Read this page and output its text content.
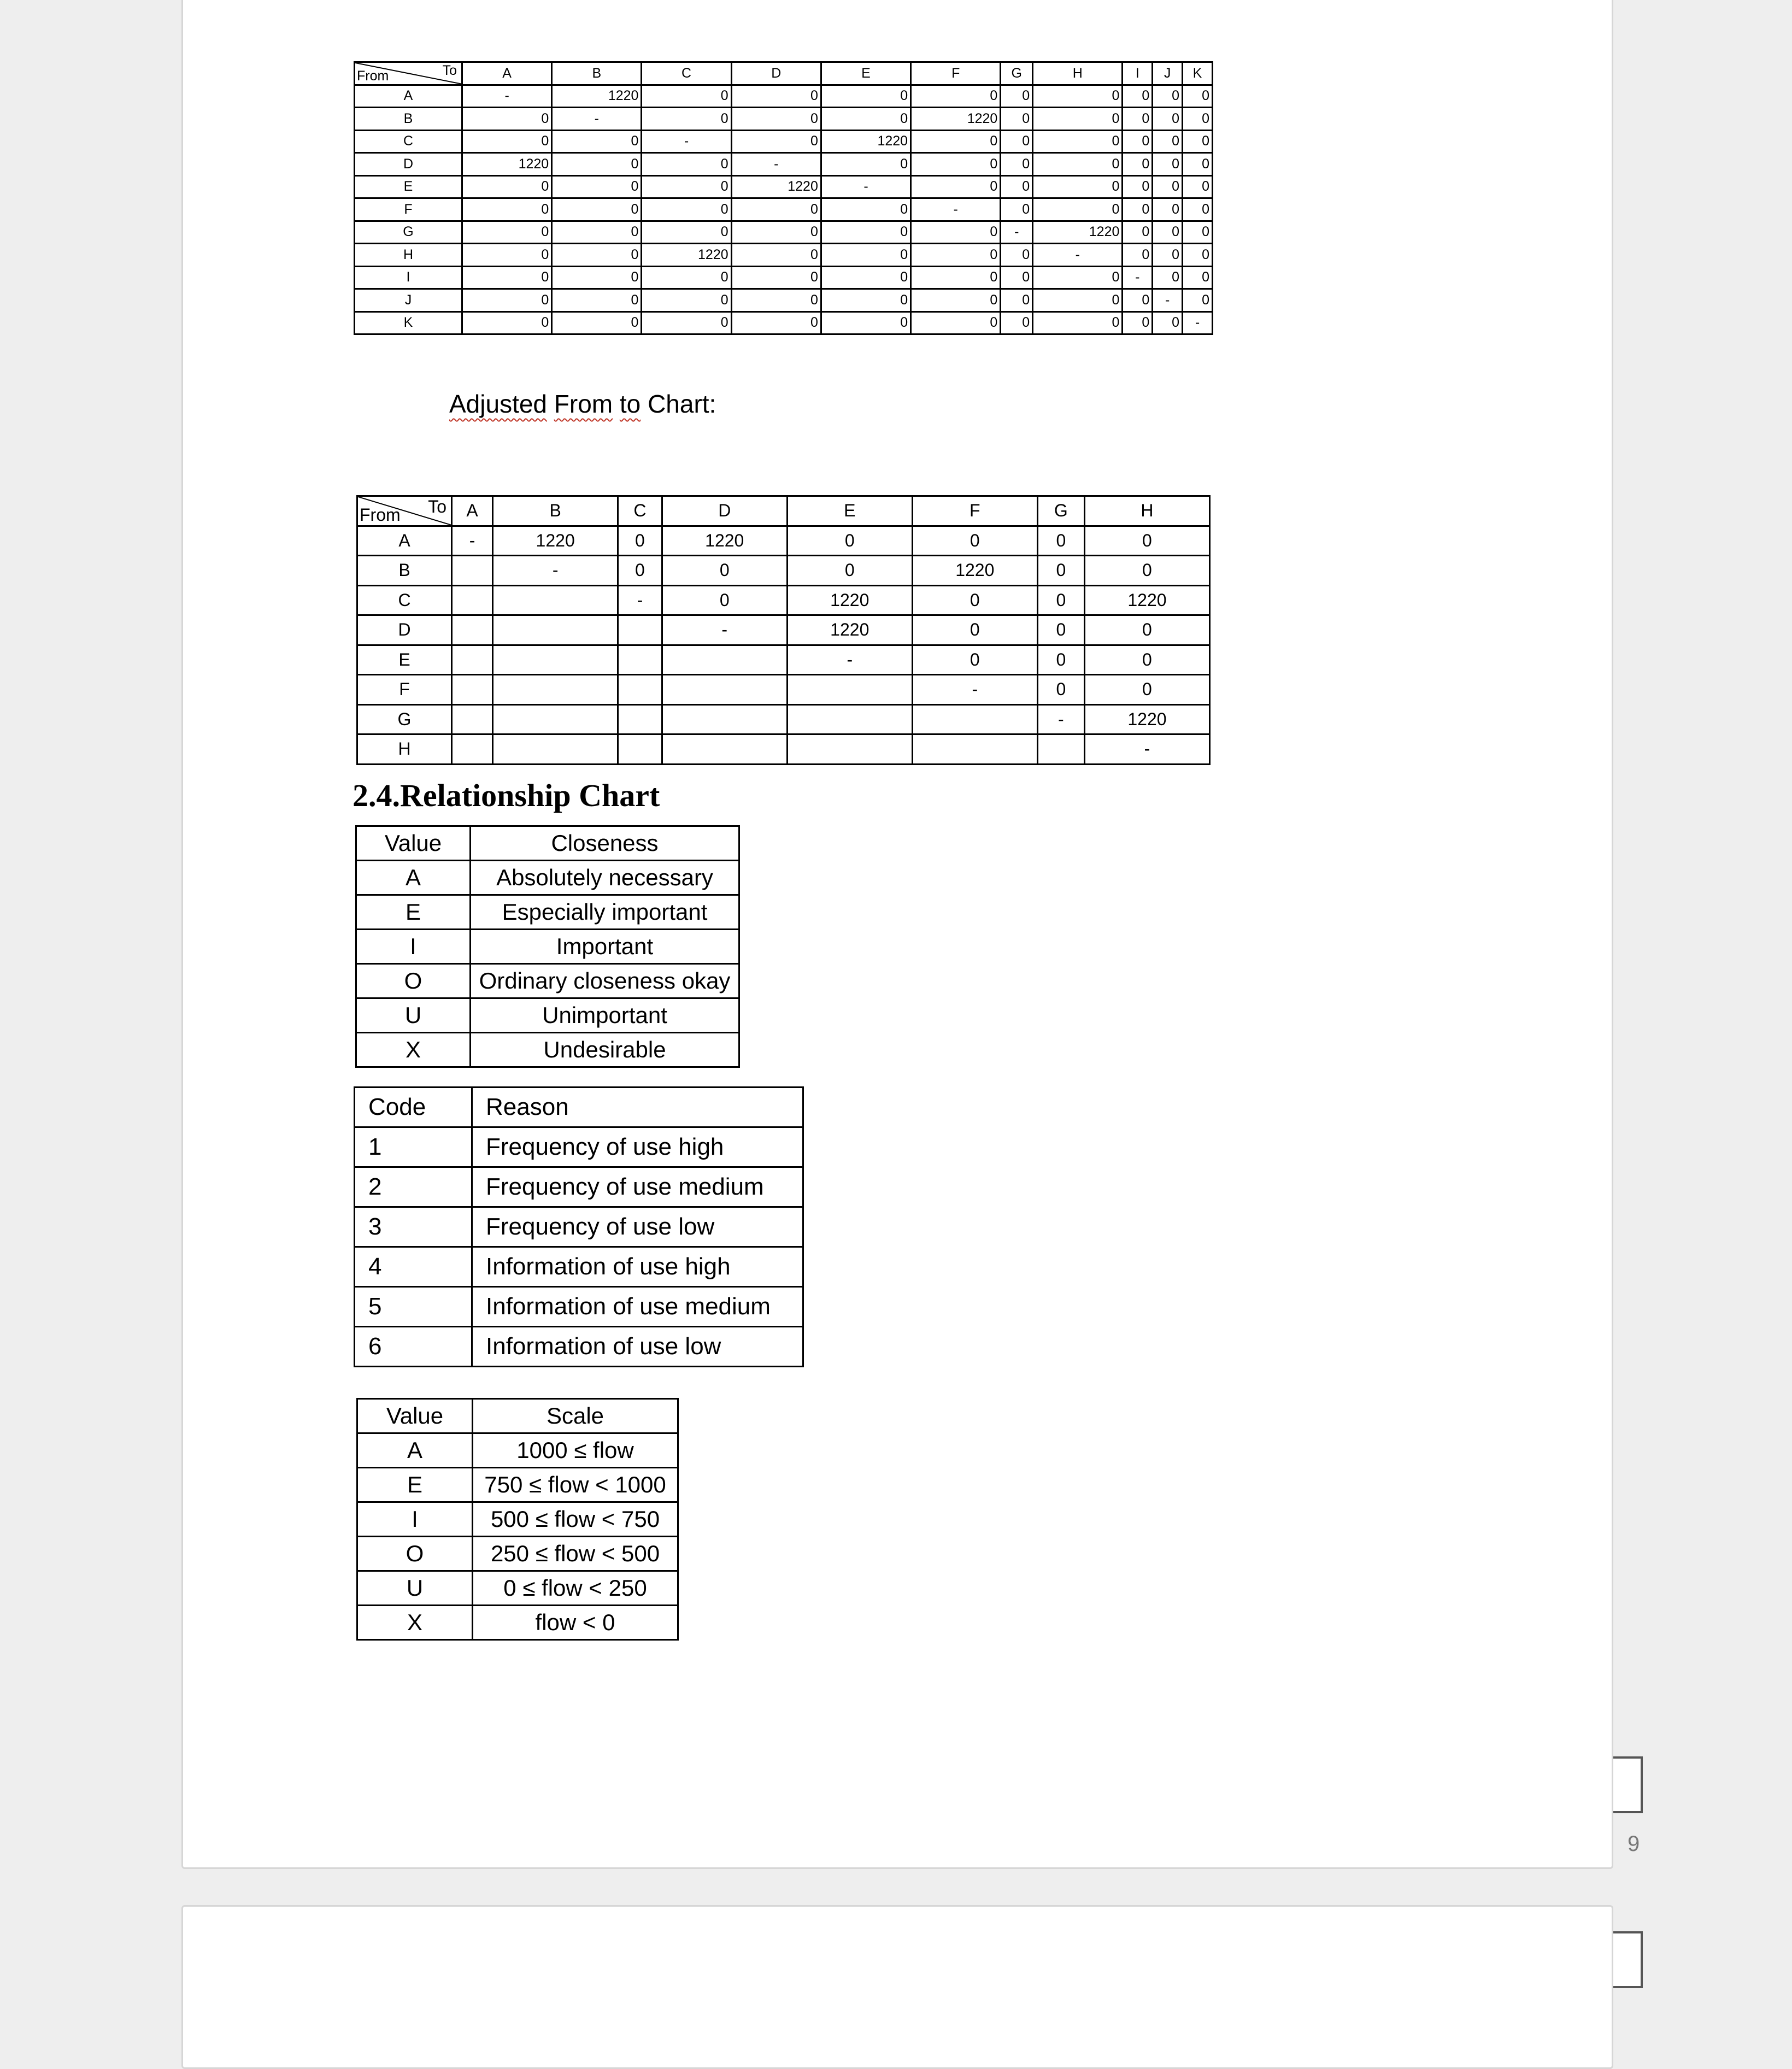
9
To
From	A	B	C	D	E	F	G	H	I	J	K
A	-	1220	0	0	0	0	0	0	0	0	0
B	0	-	0	0	0	1220	0	0	0	0	0
C	0	0	-	0	1220	0	0	0	0	0	0
D	1220	0	0	-	0	0	0	0	0	0	0
E	0	0	0	1220	-	0	0	0	0	0	0
F	0	0	0	0	0	-	0	0	0	0	0
G	0	0	0	0	0	0	-	1220	0	0	0
H	0	0	1220	0	0	0	0	-	0	0	0
I	0	0	0	0	0	0	0	0	-	0	0
J	0	0	0	0	0	0	0	0	0	-	0
K	0	0	0	0	0	0	0	0	0	0	-
Adjusted From to Chart:
To
From	A	B	C	D	E	F	G	H
A	-	1220	0	1220	0	0	0	0
B		-	0	0	0	1220	0	0
C			-	0	1220	0	0	1220
D				-	1220	0	0	0
E					-	0	0	0
F						-	0	0
G							-	1220
H								-
2.4.Relationship Chart
Value	Closeness
A	Absolutely necessary
E	Especially important
I	Important
O	Ordinary closeness okay
U	Unimportant
X	Undesirable
Code	Reason
1	Frequency of use high
2	Frequency of use medium
3	Frequency of use low
4	Information of use high
5	Information of use medium
6	Information of use low
Value	Scale
A	1000 ≤ flow
E	750 ≤ flow < 1000
I	500 ≤ flow < 750
O	250 ≤ flow < 500
U	0 ≤ flow < 250
X	flow < 0
